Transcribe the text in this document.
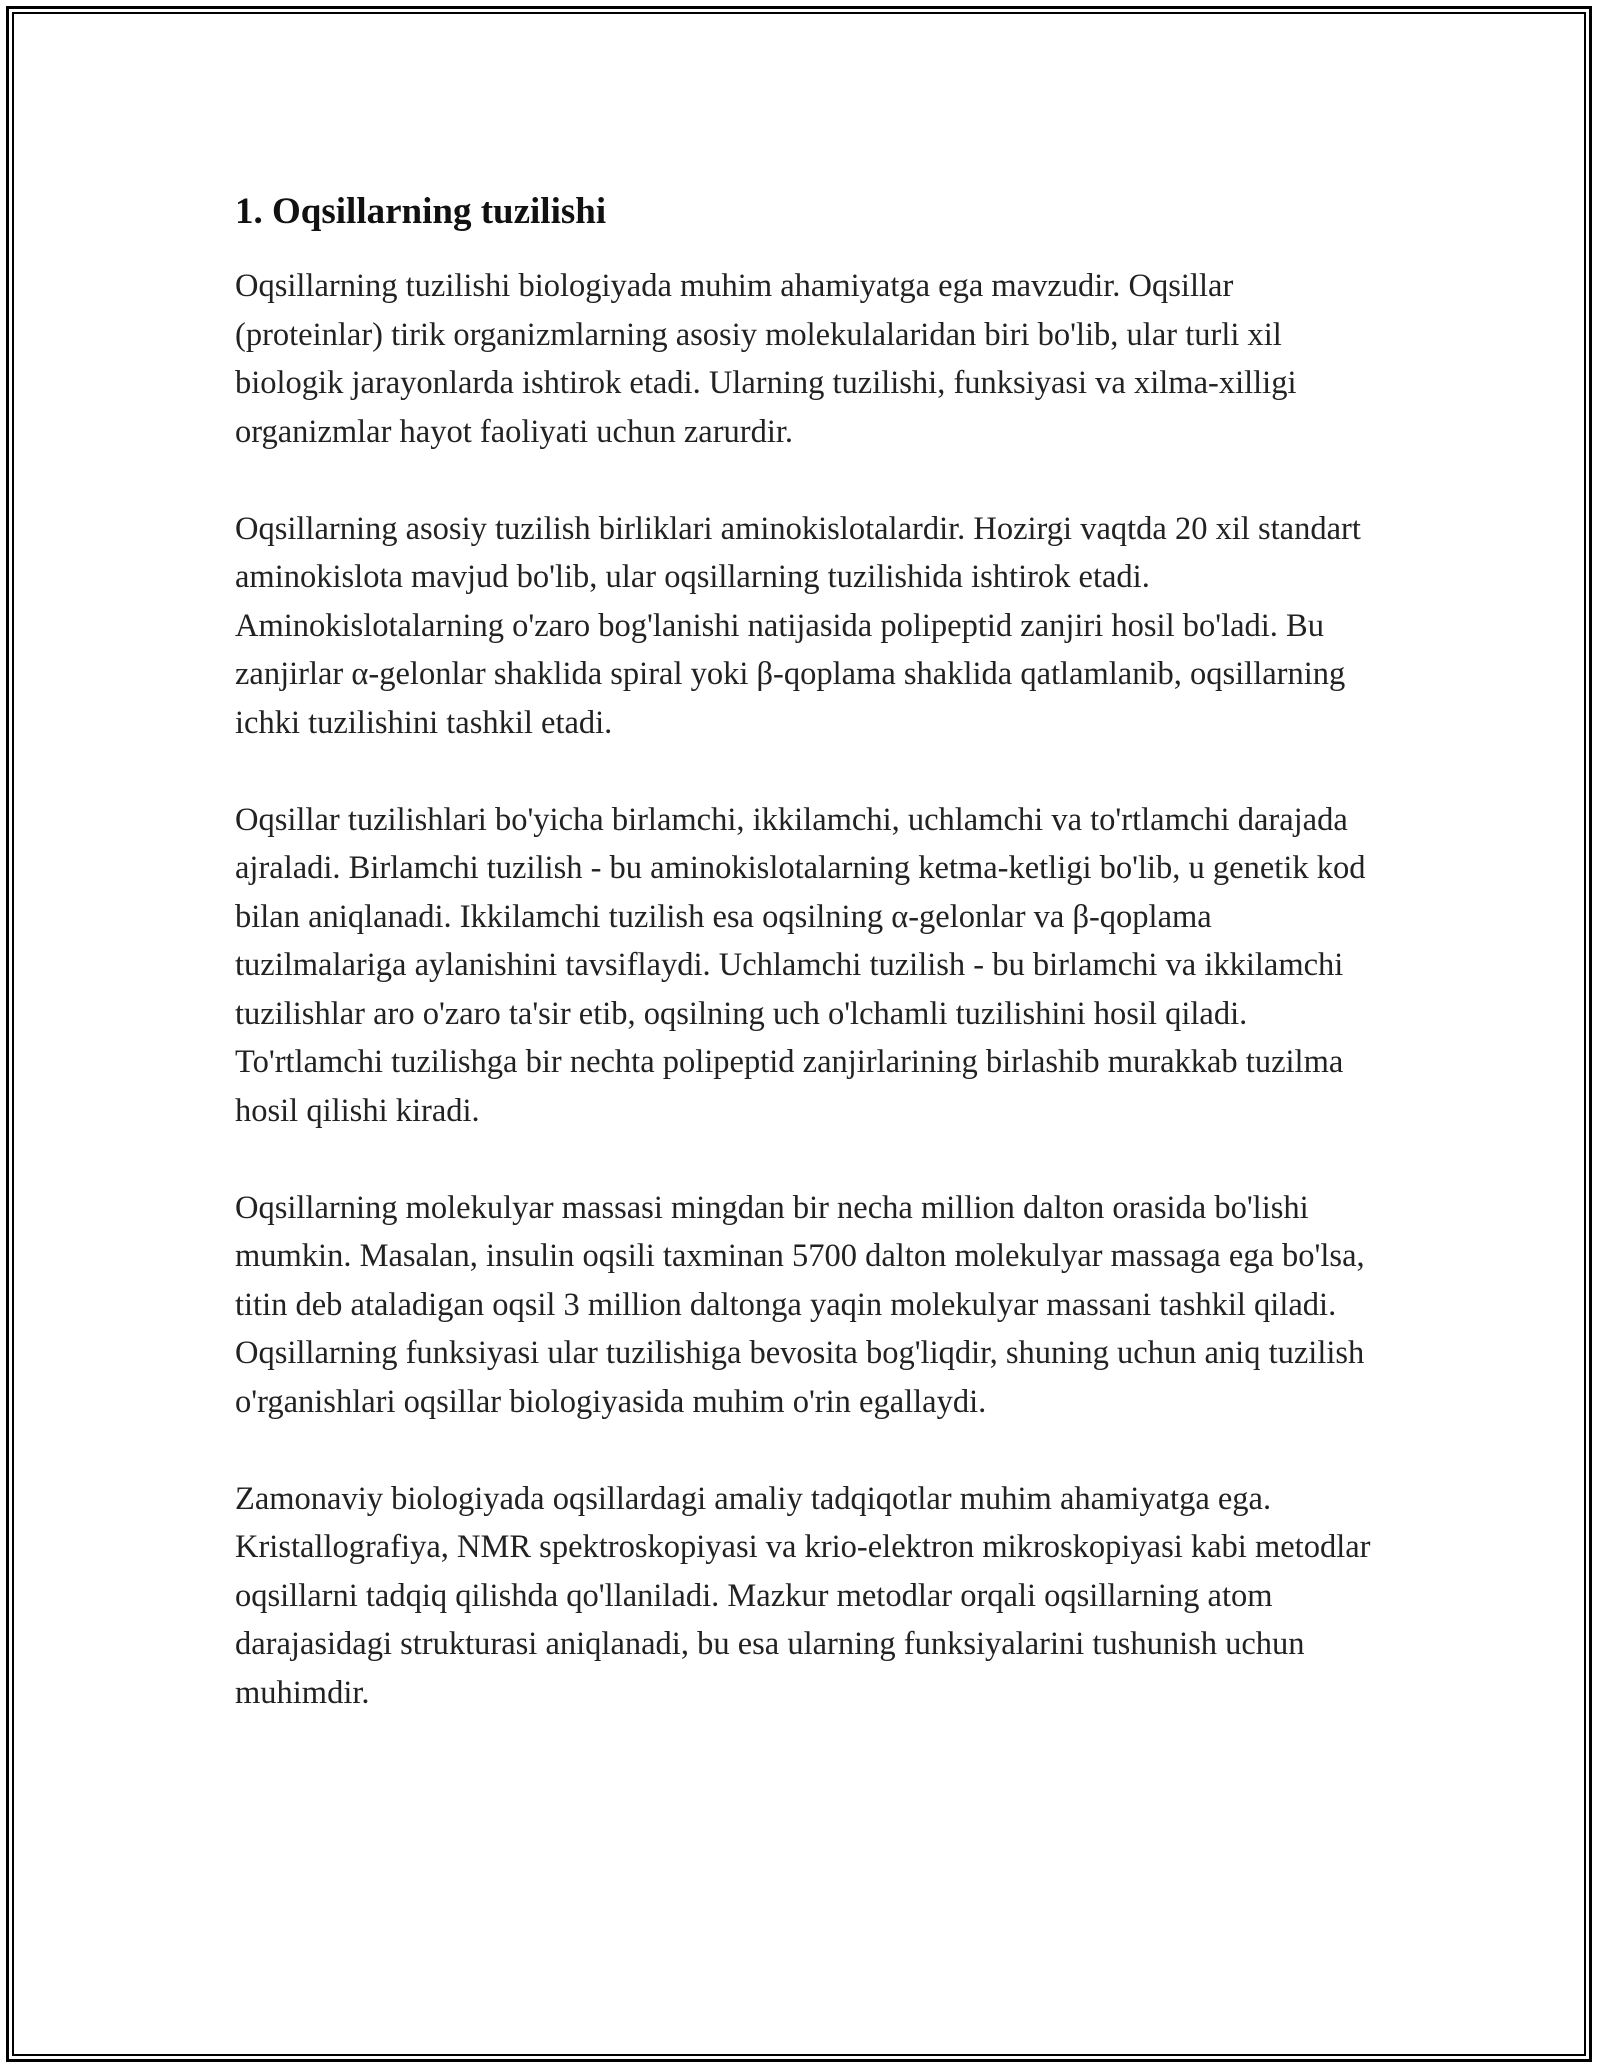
1. Oqsillarning tuzilishi

Oqsillarning tuzilishi biologiyada muhim ahamiyatga ega mavzudir. Oqsillar (proteinlar) tirik organizmlarning asosiy molekulalaridan biri bo'lib, ular turli xil biologik jarayonlarda ishtirok etadi. Ularning tuzilishi, funksiyasi va xilma-xilligi organizmlar hayot faoliyati uchun zarurdir.

Oqsillarning asosiy tuzilish birliklari aminokislotalardir. Hozirgi vaqtda 20 xil standart aminokislota mavjud bo'lib, ular oqsillarning tuzilishida ishtirok etadi. Aminokislotalarning o'zaro bog'lanishi natijasida polipeptid zanjiri hosil bo'ladi. Bu zanjirlar α-gelonlar shaklida spiral yoki β-qoplama shaklida qatlamlanib, oqsillarning ichki tuzilishini tashkil etadi.

Oqsillar tuzilishlari bo'yicha birlamchi, ikkilamchi, uchlamchi va to'rtlamchi darajada ajraladi. Birlamchi tuzilish - bu aminokislotalarning ketma-ketligi bo'lib, u genetik kod bilan aniqlanadi. Ikkilamchi tuzilish esa oqsilning α-gelonlar va β-qoplama tuzilmalariga aylanishini tavsiflaydi. Uchlamchi tuzilish - bu birlamchi va ikkilamchi tuzilishlar aro o'zaro ta'sir etib, oqsilning uch o'lchamli tuzilishini hosil qiladi. To'rtlamchi tuzilishga bir nechta polipeptid zanjirlarining birlashib murakkab tuzilma hosil qilishi kiradi.

Oqsillarning molekulyar massasi mingdan bir necha million dalton orasida bo'lishi mumkin. Masalan, insulin oqsili taxminan 5700 dalton molekulyar massaga ega bo'lsa, titin deb ataladigan oqsil 3 million daltonga yaqin molekulyar massani tashkil qiladi. Oqsillarning funksiyasi ular tuzilishiga bevosita bog'liqdir, shuning uchun aniq tuzilish o'rganishlari oqsillar biologiyasida muhim o'rin egallaydi.

Zamonaviy biologiyada oqsillardagi amaliy tadqiqotlar muhim ahamiyatga ega. Kristallografiya, NMR spektroskopiyasi va krio-elektron mikroskopiyasi kabi metodlar oqsillarni tadqiq qilishda qo'llaniladi. Mazkur metodlar orqali oqsillarning atom darajasidagi strukturasi aniqlanadi, bu esa ularning funksiyalarini tushunish uchun muhimdir.
